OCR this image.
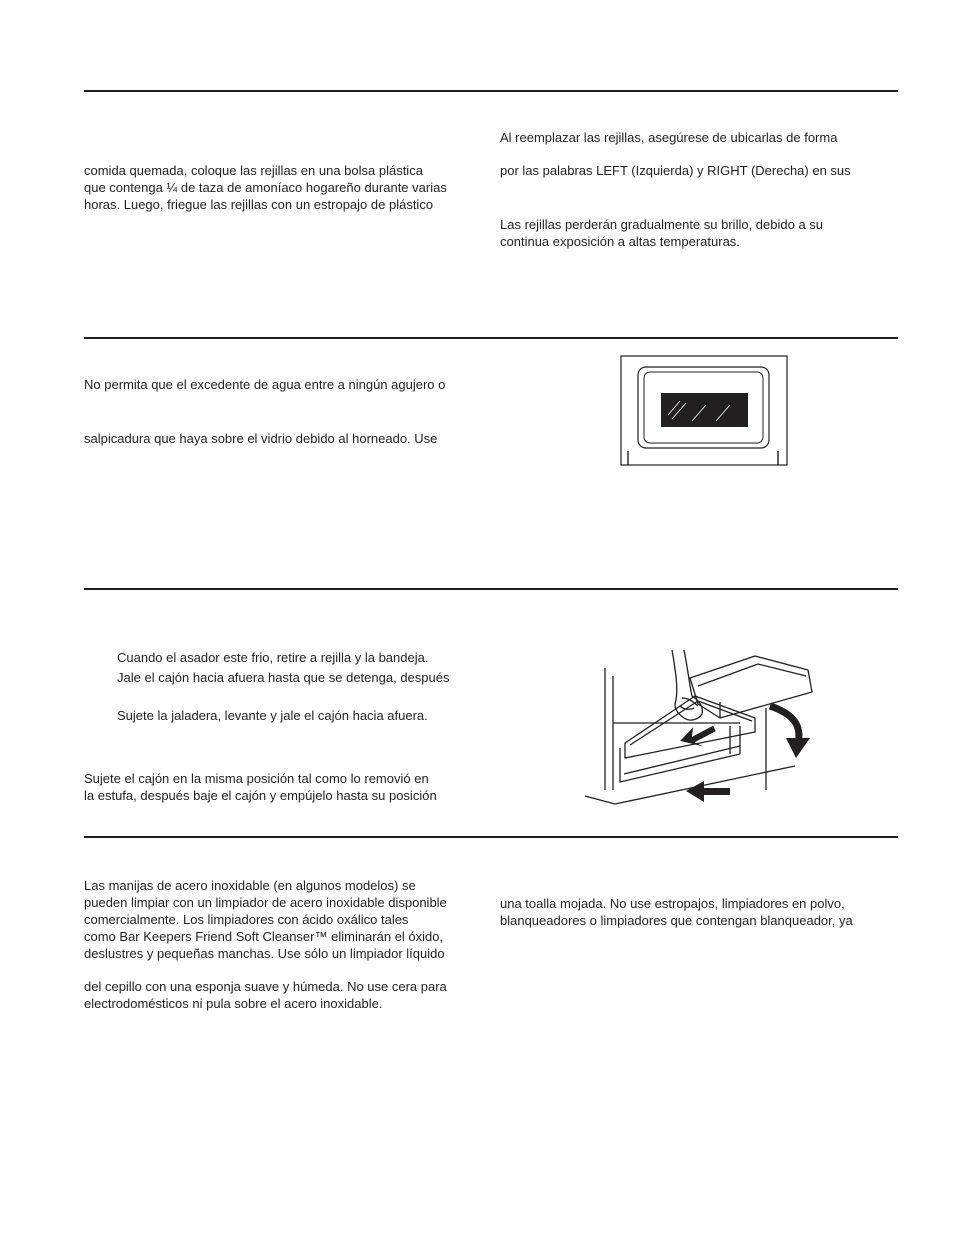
comida quemada, coloque las rejillas en una bolsa plástica

que contenga ¼ de taza de amoníaco hogareño durante varias

horas. Luego, friegue las rejillas con un estropajo de plástico

Al reemplazar las rejillas, asegúrese de ubicarlas de forma

por las palabras LEFT (Izquierda) y RIGHT (Derecha) en sus

Las rejillas perderán gradualmente su brillo, debido a su

continua exposición a altas temperaturas.

No permita que el excedente de agua entre a ningún agujero o

salpicadura que haya sobre el vidrio debido al horneado. Use

Cuando el asador este frio, retire a rejilla y la bandeja.

Jale el cajón hacia afuera hasta que se detenga, después

Sujete la jaladera, levante y jale el cajón hacia afuera.

Sujete el cajón en la misma posición tal como lo removió en

la estufa, después baje el cajón y empújelo hasta su posición

Las manijas de acero inoxidable (en algunos modelos) se

pueden limpiar con un limpiador de acero inoxidable disponible

comercialmente. Los limpiadores con ácido oxálico tales

como Bar Keepers Friend Soft Cleanser™ eliminarán el óxido,

deslustres y pequeñas manchas. Use sólo un limpiador líquido

del cepillo con una esponja suave y húmeda. No use cera para

electrodomésticos ni pula sobre el acero inoxidable.

una toalla mojada. No use estropajos, limpiadores en polvo,

blanqueadores o limpiadores que contengan blanqueador, ya
